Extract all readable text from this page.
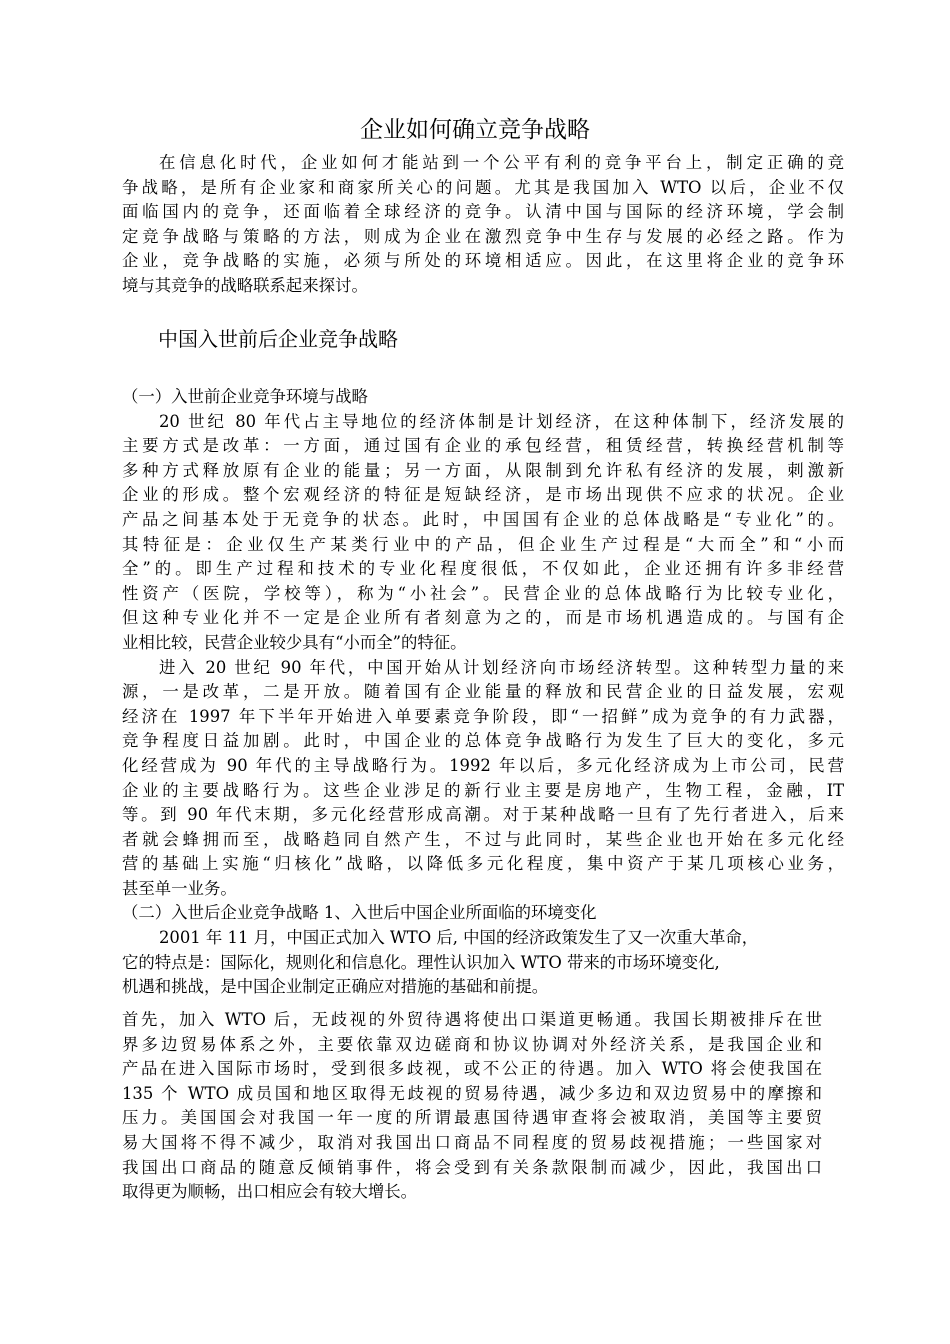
企业如何确立竞争战略
在信息化时代，企业如何才能站到一个公平有利的竞争平台上，制定正确的竞
争战略，是所有企业家和商家所关心的问题。尤其是我国加入 WTO 以后，企业不仅
面临国内的竞争，还面临着全球经济的竞争。认清中国与国际的经济环境，学会制
定竞争战略与策略的方法，则成为企业在激烈竞争中生存与发展的必经之路。作为
企业，竞争战略的实施，必须与所处的环境相适应。因此，在这里将企业的竞争环
境与其竞争的战略联系起来探讨。
中国入世前后企业竞争战略
（一）入世前企业竞争环境与战略
20 世纪 80 年代占主导地位的经济体制是计划经济，在这种体制下，经济发展的
主要方式是改革：一方面，通过国有企业的承包经营，租赁经营，转换经营机制等
多种方式释放原有企业的能量；另一方面，从限制到允许私有经济的发展，刺激新
企业的形成。整个宏观经济的特征是短缺经济，是市场出现供不应求的状况。企业
产品之间基本处于无竞争的状态。此时，中国国有企业的总体战略是“专业化”的。
其特征是：企业仅生产某类行业中的产品，但企业生产过程是“大而全”和“小而
全”的。即生产过程和技术的专业化程度很低，不仅如此，企业还拥有许多非经营
性资产（医院，学校等），称为“小社会”。民营企业的总体战略行为比较专业化，
但这种专业化并不一定是企业所有者刻意为之的，而是市场机遇造成的。与国有企
业相比较，民营企业较少具有“小而全”的特征。
进入 20 世纪 90 年代，中国开始从计划经济向市场经济转型。这种转型力量的来
源，一是改革，二是开放。随着国有企业能量的释放和民营企业的日益发展，宏观
经济在 1997 年下半年开始进入单要素竞争阶段，即“一招鲜”成为竞争的有力武器，
竞争程度日益加剧。此时，中国企业的总体竞争战略行为发生了巨大的变化，多元
化经营成为 90 年代的主导战略行为。1992 年以后，多元化经济成为上市公司，民营
企业的主要战略行为。这些企业涉足的新行业主要是房地产，生物工程，金融，IT
等。到 90 年代末期，多元化经营形成高潮。对于某种战略一旦有了先行者进入，后来
者就会蜂拥而至，战略趋同自然产生，不过与此同时，某些企业也开始在多元化经
营的基础上实施“归核化”战略，以降低多元化程度，集中资产于某几项核心业务，
甚至单一业务。
（二）入世后企业竞争战略 1、入世后中国企业所面临的环境变化
2001 年 11 月，中国正式加入 WTO 后, 中国的经济政策发生了又一次重大革命，
它的特点是：国际化，规则化和信息化。理性认识加入 WTO 带来的市场环境变化,
机遇和挑战，是中国企业制定正确应对措施的基础和前提。
首先，加入 WTO 后，无歧视的外贸待遇将使出口渠道更畅通。我国长期被排斥在世
界多边贸易体系之外，主要依靠双边磋商和协议协调对外经济关系，是我国企业和
产品在进入国际市场时，受到很多歧视，或不公正的待遇。加入 WTO 将会使我国在
135 个 WTO 成员国和地区取得无歧视的贸易待遇，减少多边和双边贸易中的摩擦和
压力。美国国会对我国一年一度的所谓最惠国待遇审查将会被取消，美国等主要贸
易大国将不得不减少，取消对我国出口商品不同程度的贸易歧视措施；一些国家对
我国出口商品的随意反倾销事件，将会受到有关条款限制而减少，因此，我国出口
取得更为顺畅，出口相应会有较大增长。
